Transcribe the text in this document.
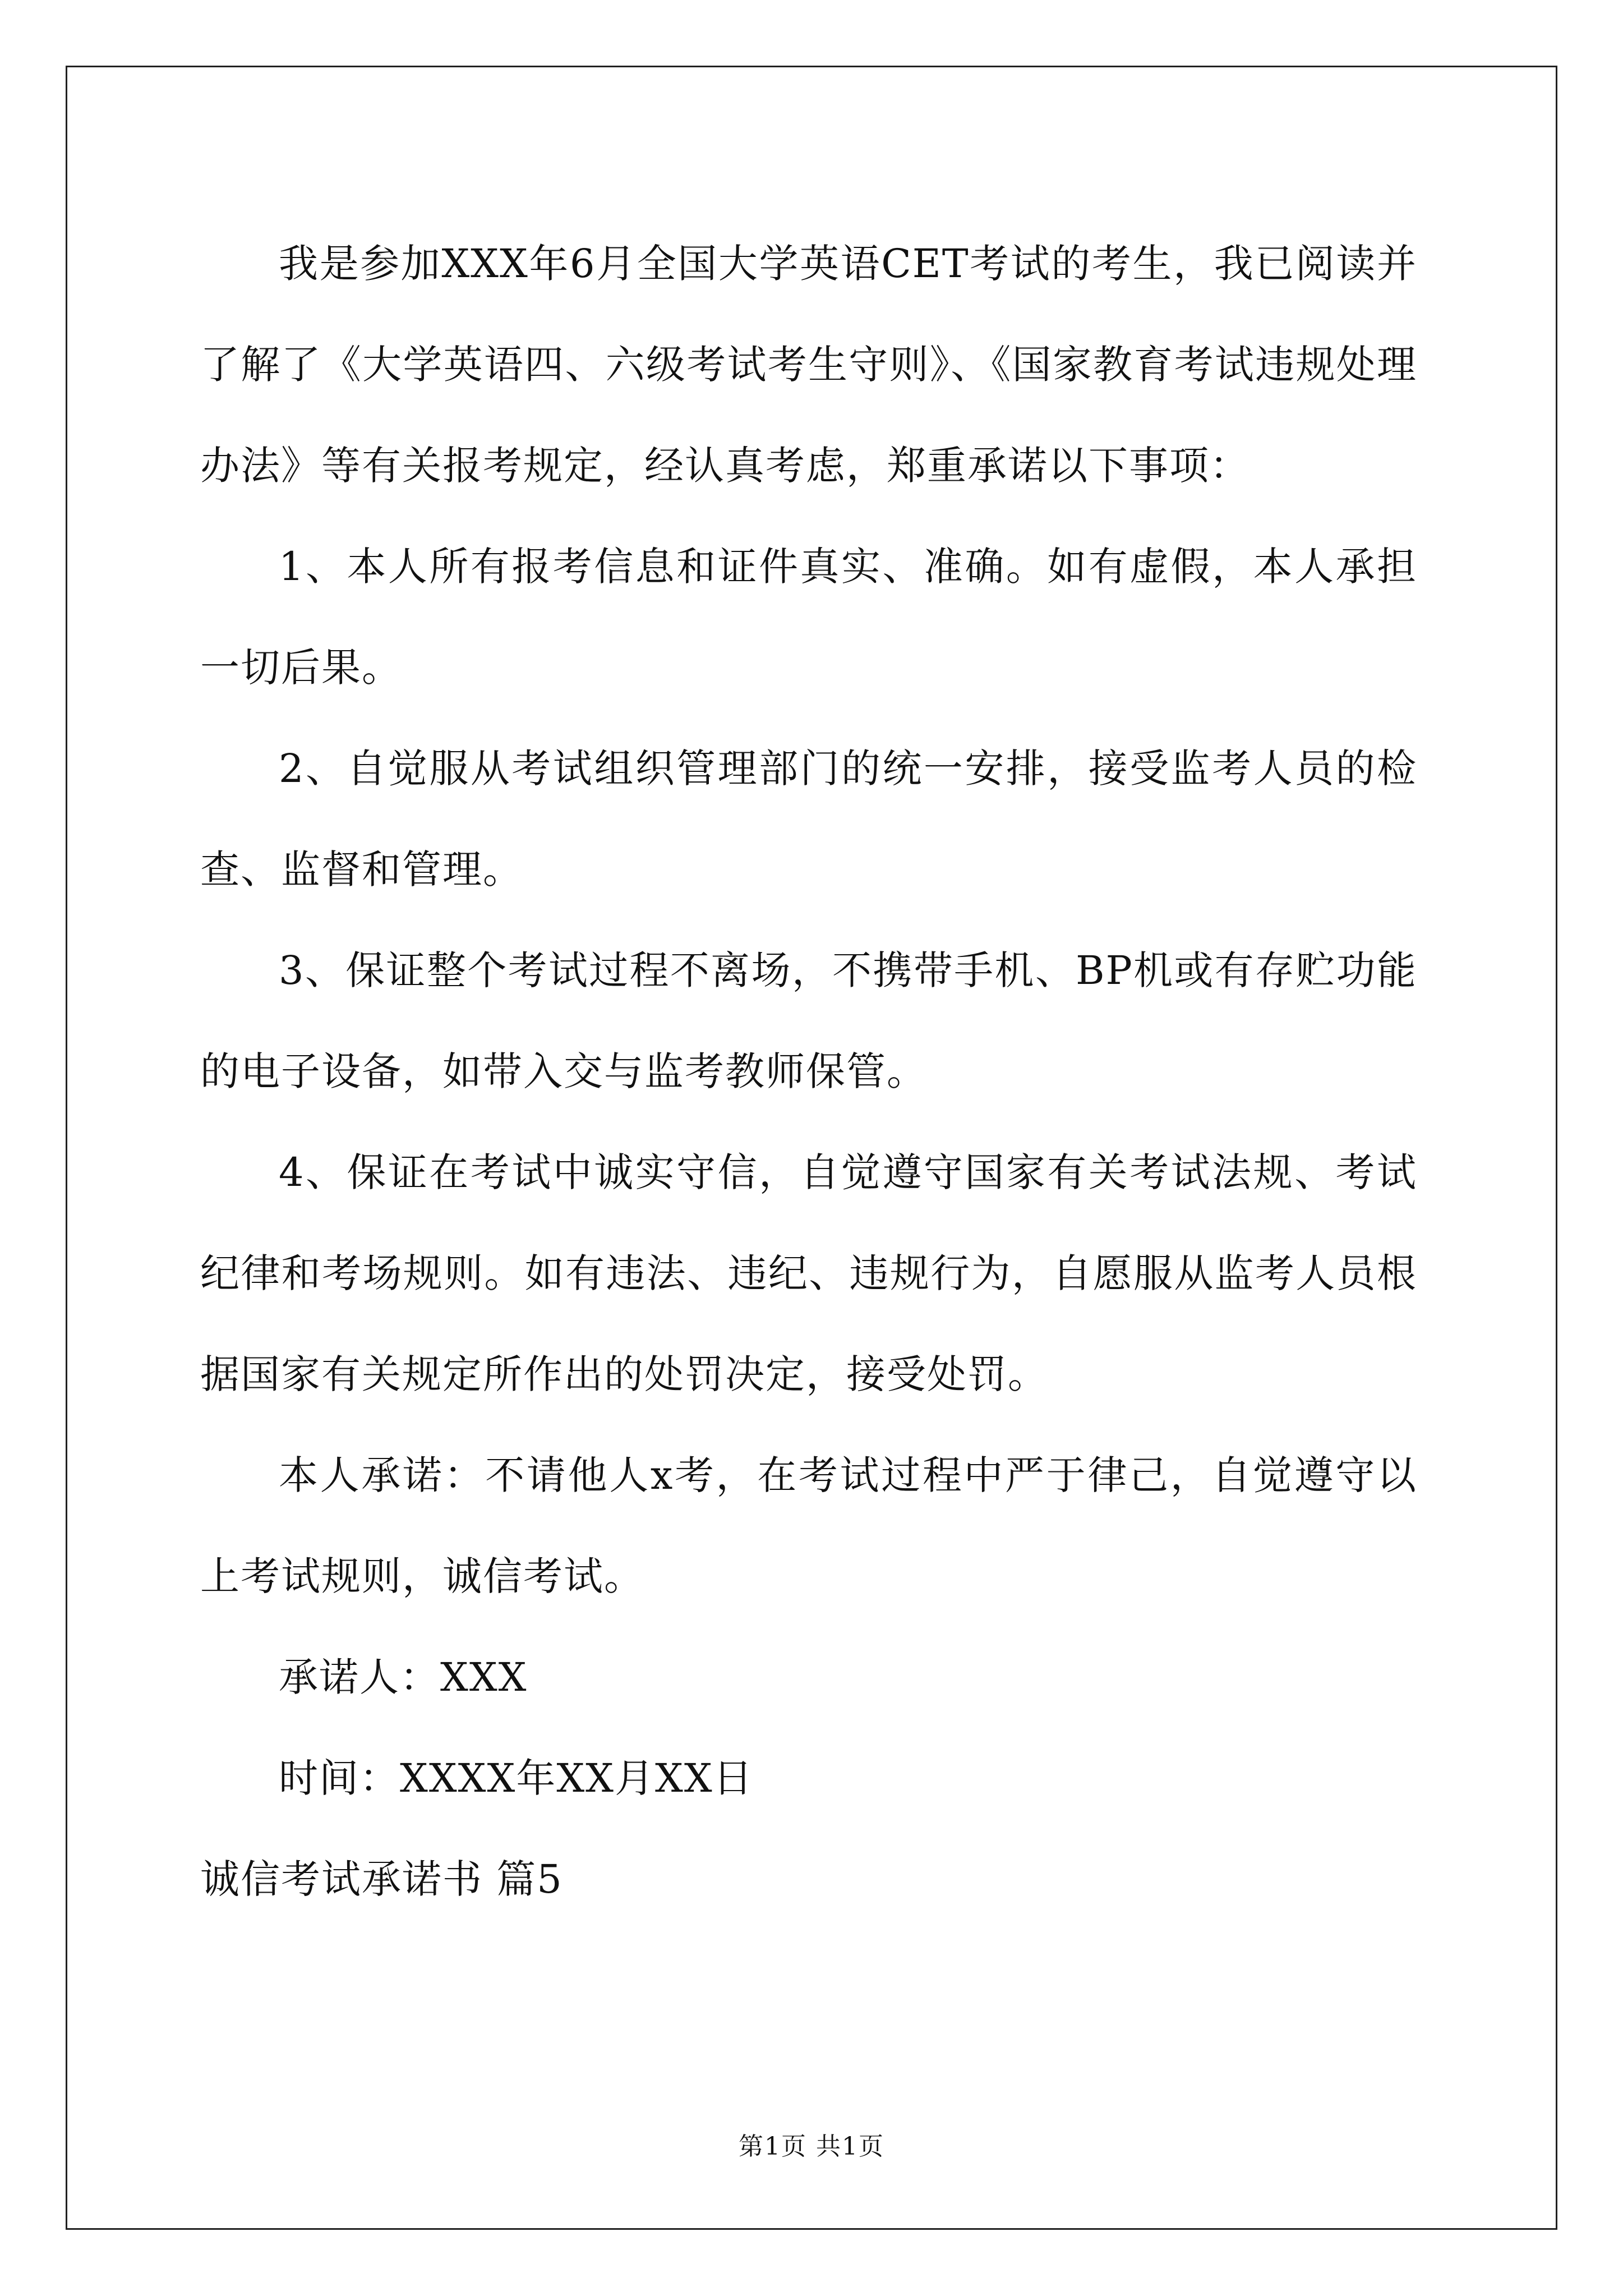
我是参加XXX年6月全国大学英语CET考试的考生，我已阅读并了解了《大学英语四、六级考试考生守则》、《国家教育考试违规处理办法》等有关报考规定，经认真考虑，郑重承诺以下事项：

1、本人所有报考信息和证件真实、准确。如有虚假，本人承担一切后果。

2、自觉服从考试组织管理部门的统一安排，接受监考人员的检查、监督和管理。

3、保证整个考试过程不离场，不携带手机、BP机或有存贮功能的电子设备，如带入交与监考教师保管。

4、保证在考试中诚实守信，自觉遵守国家有关考试法规、考试纪律和考场规则。如有违法、违纪、违规行为，自愿服从监考人员根据国家有关规定所作出的处罚决定，接受处罚。

本人承诺：不请他人x考，在考试过程中严于律己，自觉遵守以上考试规则，诚信考试。

承诺人：XXX

时间：XXXX年XX月XX日

诚信考试承诺书 篇5

第1页 共1页
